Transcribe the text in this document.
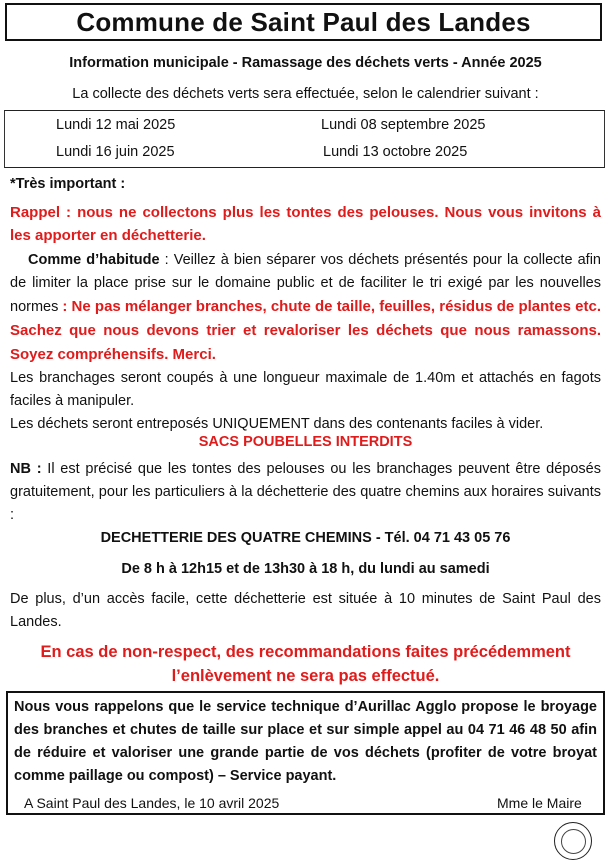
Commune de Saint Paul des Landes
Information municipale - Ramassage des déchets verts - Année 2025
La collecte des déchets verts sera effectuée, selon le calendrier suivant :
Lundi 12 mai 2025	Lundi 08 septembre 2025
Lundi 16 juin 2025	Lundi 13 octobre 2025
*Très important :
Rappel : nous ne collectons plus les tontes des pelouses. Nous vous invitons à les apporter en déchetterie.
Comme d’habitude : Veillez à bien séparer vos déchets présentés pour la collecte afin de limiter la place prise sur le domaine public et de faciliter le tri exigé par les nouvelles normes : Ne pas mélanger branches, chute de taille, feuilles, résidus de plantes etc. Sachez que nous devons trier et revaloriser les déchets que nous ramassons. Soyez compréhensifs. Merci.
Les branchages seront coupés à une longueur maximale de 1.40m et attachés en fagots faciles à manipuler.
Les déchets seront entreposés UNIQUEMENT dans des contenants faciles à vider.
SACS POUBELLES INTERDITS
NB : Il est précisé que les tontes des pelouses ou les branchages peuvent être déposés gratuitement, pour les particuliers à la déchetterie des quatre chemins aux horaires suivants :
DECHETTERIE DES QUATRE CHEMINS - Tél. 04 71 43 05 76
De 8 h à 12h15 et de 13h30 à 18 h, du lundi au samedi
De plus, d’un accès facile, cette déchetterie est située à 10 minutes de Saint Paul des Landes.
En cas de non-respect, des recommandations faites précédemment
l’enlèvement ne sera pas effectué.
Nous vous rappelons que le service technique d’Aurillac Agglo propose le broyage des branches et chutes de taille sur place et sur simple appel au 04 71 46 48 50 afin de réduire et valoriser une grande partie de vos déchets (profiter de votre broyat comme paillage ou compost) – Service payant.
A Saint Paul des Landes, le 10 avril 2025	Mme le Maire
